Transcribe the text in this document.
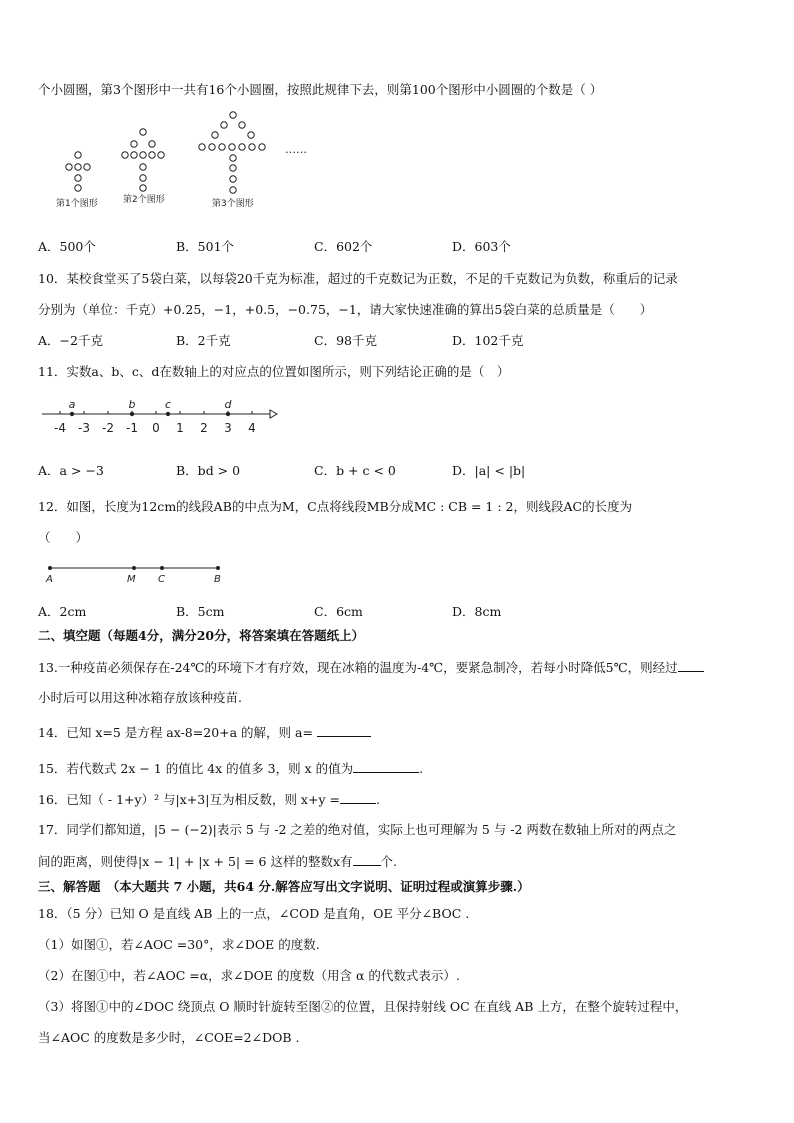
个小圆圈，第3个图形中一共有16个小圆圈，按照此规律下去，则第100个图形中小圆圈的个数是（ ）
……
第1个图形	第2个图形	第3个图形
A．500个	B．501个	C．602个	D．603个
10．某校食堂买了5袋白菜，以每袋20千克为标准，超过的千克数记为正数，不足的千克数记为负数，称重后的记录
分别为（单位：千克）+0.25，−1，+0.5，−0.75，−1，请大家快速准确的算出5袋白菜的总质量是（　　）
A．−2千克	B．2千克	C．98千克	D．102千克
11．实数a、b、c、d在数轴上的对应点的位置如图所示，则下列结论正确的是（　）
-4 -3 -2 -1 0 1 2 3 4
a	b	c	d
A．a > −3	B．bd > 0	C．b + c < 0	D．|a| < |b|
12．如图，长度为12cm的线段AB的中点为M，C点将线段MB分成MC : CB = 1 : 2，则线段AC的长度为
（　　）
A	M C	B
A．2cm	B．5cm	C．6cm	D．8cm
二、填空题（每题4分，满分20分，将答案填在答题纸上）
13.一种疫苗必须保存在-24℃的环境下才有疗效，现在冰箱的温度为-4℃，要紧急制冷，若每小时降低5℃，则经过
小时后可以用这种冰箱存放该种疫苗.
14．已知 x=5 是方程 ax-8=20+a 的解，则 a=
15．若代数式 2x − 1 的值比 4x 的值多 3，则 x 的值为	.
16．已知（ - 1+y）² 与|x+3|互为相反数，则 x+y =	.
17．同学们都知道，|5 − (−2)|表示 5 与 -2 之差的绝对值，实际上也可理解为 5 与 -2 两数在数轴上所对的两点之
间的距离，则使得|x − 1| + |x + 5| = 6 这样的整数x有 个.
三、解答题　（本大题共 7 小题，共64 分.解答应写出文字说明、证明过程或演算步骤.）
18．（5 分）已知 O 是直线 AB 上的一点，∠COD 是直角，OE 平分∠BOC .
（1）如图①，若∠AOC =30°，求∠DOE 的度数.
（2）在图①中，若∠AOC =α，求∠DOE 的度数（用含 α 的代数式表示）.
（3）将图①中的∠DOC 绕顶点 O 顺时针旋转至图②的位置，且保持射线 OC 在直线 AB 上方，在整个旋转过程中，
当∠AOC 的度数是多少时，∠COE=2∠DOB .
